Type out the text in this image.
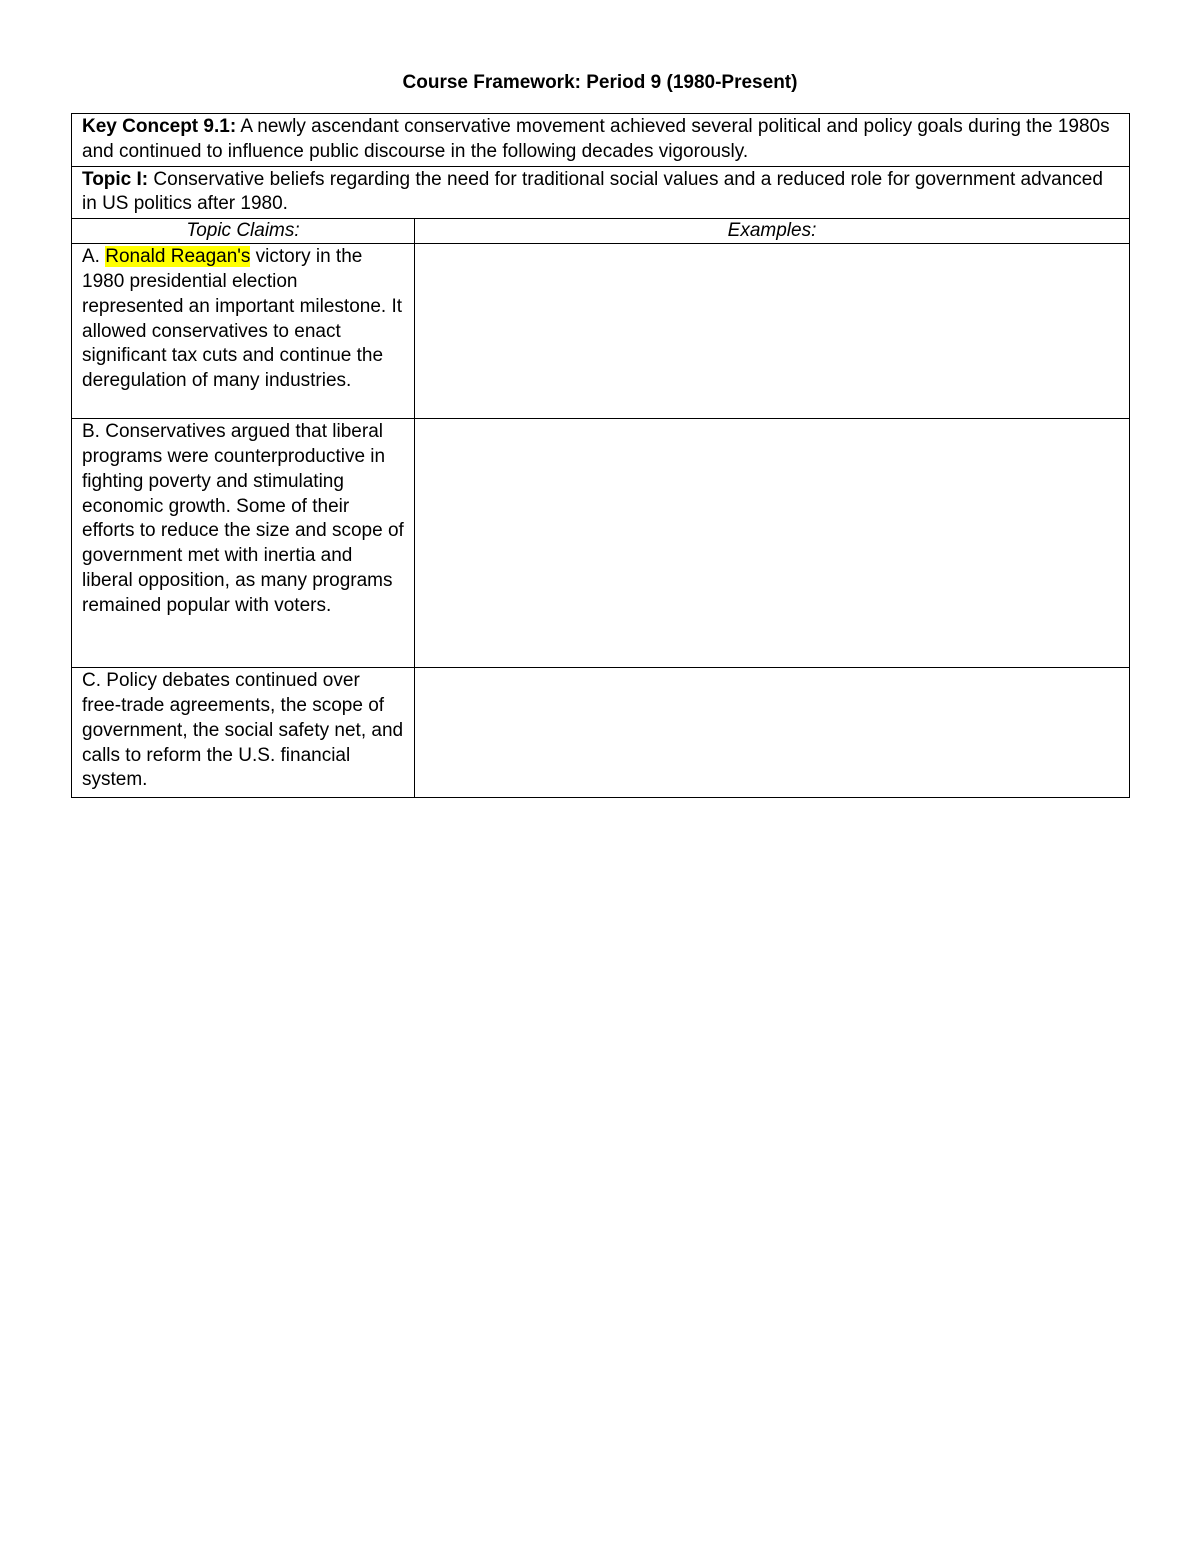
Course Framework: Period 9 (1980-Present)
Key Concept 9.1: A newly ascendant conservative movement achieved several political and policy goals during the 1980s and continued to influence public discourse in the following decades vigorously.	
Topic I: Conservative beliefs regarding the need for traditional social values and a reduced role for government advanced in US politics after 1980.	
Topic Claims:	Examples:
A. Ronald Reagan's victory in the 1980 presidential election represented an important milestone. It allowed conservatives to enact significant tax cuts and continue the deregulation of many industries.	
B. Conservatives argued that liberal programs were counterproductive in fighting poverty and stimulating economic growth. Some of their efforts to reduce the size and scope of government met with inertia and liberal opposition, as many programs remained popular with voters.	
C. Policy debates continued over free-trade agreements, the scope of government, the social safety net, and calls to reform the U.S. financial system.	
